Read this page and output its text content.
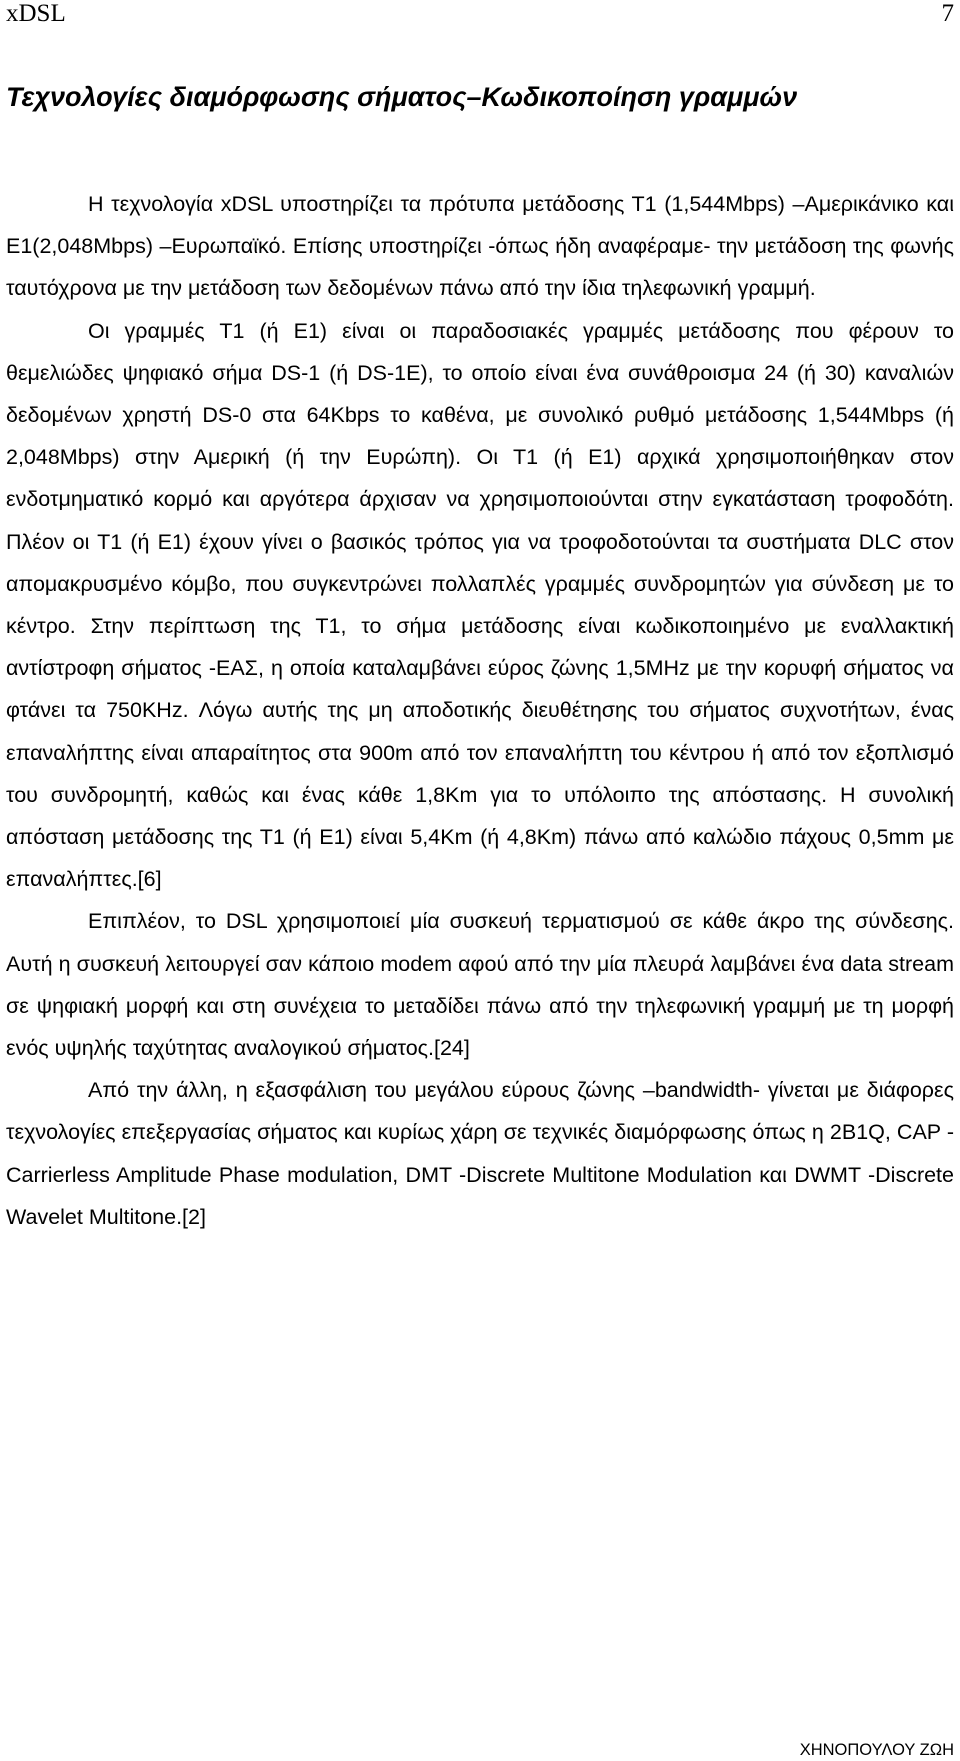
xDSL	7
Τεχνολογίες διαμόρφωσης σήματος–Κωδικοποίηση γραμμών

Η τεχνολογία xDSL υποστηρίζει τα πρότυπα μετάδοσης Τ1 (1,544Mbps) –Αμερικάνικο και Ε1(2,048Mbps) –Ευρωπαϊκό. Επίσης υποστηρίζει -όπως ήδη αναφέραμε- την μετάδοση της φωνής ταυτόχρονα με την μετάδοση των δεδομένων πάνω από την ίδια τηλεφωνική γραμμή.

Οι γραμμές Τ1 (ή Ε1) είναι οι παραδοσιακές γραμμές μετάδοσης που φέρουν το θεμελιώδες ψηφιακό σήμα DS-1 (ή DS-1E), το οποίο είναι ένα συνάθροισμα 24 (ή 30) καναλιών δεδομένων χρηστή DS-0 στα 64Kbps το καθένα, με συνολικό ρυθμό μετάδοσης 1,544Mbps (ή 2,048Mbps) στην Αμερική (ή την Ευρώπη). Οι Τ1 (ή Ε1) αρχικά χρησιμοποιήθηκαν στον ενδοτμηματικό κορμό και αργότερα άρχισαν να χρησιμοποιούνται στην εγκατάσταση τροφοδότη. Πλέον οι Τ1 (ή Ε1) έχουν γίνει ο βασικός τρόπος για να τροφοδοτούνται τα συστήματα DLC στον απομακρυσμένο κόμβο, που συγκεντρώνει πολλαπλές γραμμές συνδρομητών για σύνδεση με το κέντρο. Στην περίπτωση της Τ1, το σήμα μετάδοσης είναι κωδικοποιημένο με εναλλακτική αντίστροφη σήματος -ΕΑΣ, η οποία καταλαμβάνει εύρος ζώνης 1,5MHz με την κορυφή σήματος να φτάνει τα 750KHz. Λόγω αυτής της μη αποδοτικής διευθέτησης του σήματος συχνοτήτων, ένας επαναλήπτης είναι απαραίτητος στα 900m από τον επαναλήπτη του κέντρου ή από τον εξοπλισμό του συνδρομητή, καθώς και ένας κάθε 1,8Km για το υπόλοιπο της απόστασης. Η συνολική απόσταση μετάδοσης της Τ1 (ή Ε1) είναι 5,4Km (ή 4,8Km) πάνω από καλώδιο πάχους 0,5mm με επαναλήπτες.[6]

Επιπλέον, το DSL χρησιμοποιεί μία συσκευή τερματισμού σε κάθε άκρο της σύνδεσης. Αυτή η συσκευή λειτουργεί σαν κάποιο modem αφού από την μία πλευρά λαμβάνει ένα data stream σε ψηφιακή μορφή και στη συνέχεια το μεταδίδει πάνω από την τηλεφωνική γραμμή με τη μορφή ενός υψηλής ταχύτητας αναλογικού σήματος.[24]

Από την άλλη, η εξασφάλιση του μεγάλου εύρους ζώνης –bandwidth- γίνεται με διάφορες τεχνολογίες επεξεργασίας σήματος και κυρίως χάρη σε τεχνικές διαμόρφωσης όπως η 2B1Q, CAP -Carrierless Amplitude Phase modulation, DMT -Discrete Multitone Modulation και DWMT -Discrete Wavelet Multitone.[2]

ΧΗΝΟΠΟΥΛΟΥ ΖΩΗ
